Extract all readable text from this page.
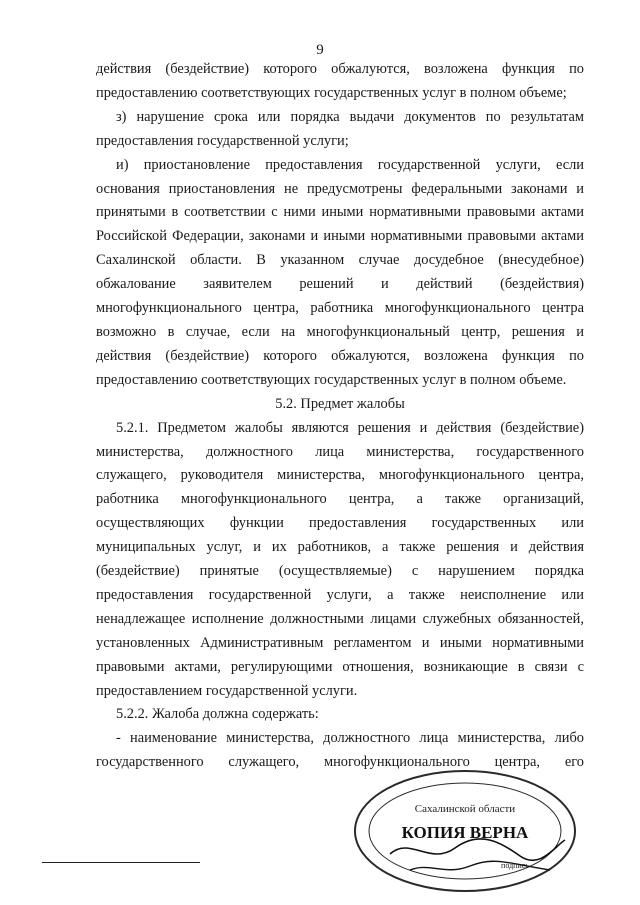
9
действия (бездействие) которого обжалуются, возложена функция по
предоставлению соответствующих государственных услуг в полном объеме;
з) нарушение срока или порядка выдачи документов по результатам
предоставления государственной услуги;
и) приостановление предоставления государственной услуги, если
основания приостановления не предусмотрены федеральными законами и
принятыми в соответствии с ними иными нормативными правовыми актами
Российской Федерации, законами и иными нормативными правовыми актами
Сахалинской области. В указанном случае досудебное (внесудебное)
обжалование заявителем решений и действий (бездействия)
многофункционального центра, работника многофункционального центра
возможно в случае, если на многофункциональный центр, решения и
действия (бездействие) которого обжалуются, возложена функция по
предоставлению соответствующих государственных услуг в полном объеме.
5.2. Предмет жалобы
5.2.1. Предметом жалобы являются решения и действия (бездействие)
министерства, должностного лица министерства, государственного
служащего, руководителя министерства, многофункционального центра,
работника многофункционального центра, а также организаций,
осуществляющих функции предоставления государственных или
муниципальных услуг, и их работников, а также решения и действия
(бездействие) принятые (осуществляемые) с нарушением порядка
предоставления государственной услуги, а также неисполнение или
ненадлежащее исполнение должностными лицами служебных обязанностей,
установленных Административным регламентом и иными нормативными
правовыми актами, регулирующими отношения, возникающие в связи с
предоставлением государственной услуги.
5.2.2. Жалоба должна содержать:
- наименование министерства, должностного лица министерства, либо
государственного служащего, многофункционального центра, его
Сахалинской области
КОПИЯ ВЕРНА
подпись
